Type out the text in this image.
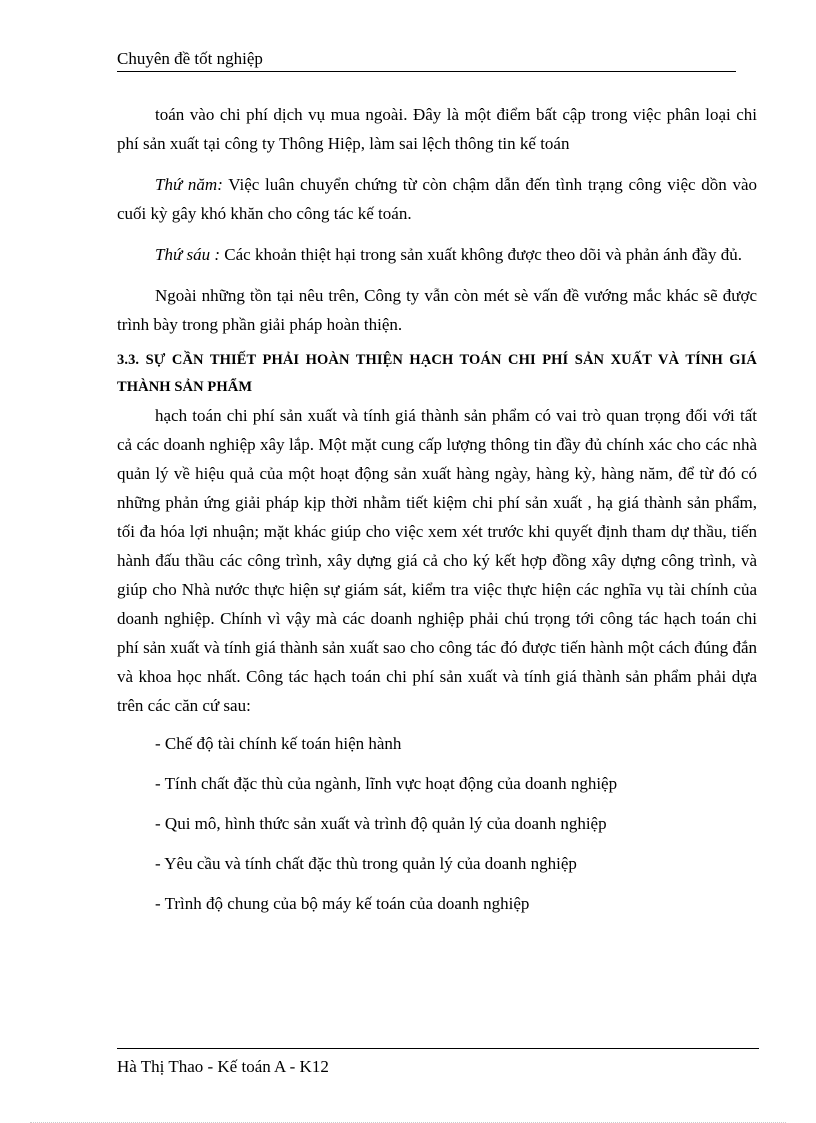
Chuyên đề tốt nghiệp

toán vào chi phí dịch vụ mua ngoài. Đây là một điểm bất cập trong việc phân loại chi phí sản xuất tại công ty Thông Hiệp, làm sai lệch thông tin kế toán

Thứ năm: Việc luân chuyển chứng từ còn chậm dẫn đến tình trạng công việc dồn vào cuối kỳ gây khó khăn cho công tác kế toán.

Thứ sáu : Các khoản thiệt hại trong sản xuất không được theo dõi và phản ánh đầy đủ.

Ngoài những tồn tại nêu trên, Công ty vẫn còn mét sè vấn đề vướng mắc khác sẽ được trình bày trong phần giải pháp hoàn thiện.

3.3. SỰ CẦN THIẾT PHẢI HOÀN THIỆN HẠCH TOÁN CHI PHÍ SẢN XUẤT VÀ TÍNH GIÁ THÀNH SẢN PHẨM

hạch toán chi phí sản xuất và tính giá thành sản phẩm có vai trò quan trọng đối với tất cả các doanh nghiệp xây lắp. Một mặt cung cấp lượng thông tin đầy đủ chính xác cho các nhà quản lý về hiệu quả của một hoạt động sản xuất hàng ngày, hàng kỳ, hàng năm, để từ đó có những phản ứng giải pháp kịp thời nhằm tiết kiệm chi phí sản xuất , hạ giá thành sản phẩm, tối đa hóa lợi nhuận; mặt khác giúp cho việc xem xét trước khi quyết định tham dự thầu, tiến hành đấu thầu các công trình, xây dựng giá cả cho ký kết hợp đồng xây dựng công trình, và giúp cho Nhà nước thực hiện sự giám sát, kiểm tra việc thực hiện các nghĩa vụ tài chính của doanh nghiệp. Chính vì vậy mà các doanh nghiệp phải chú trọng tới công tác hạch toán chi phí sản xuất và tính giá thành sản xuất sao cho công tác đó được tiến hành một cách đúng đắn và khoa học nhất. Công tác hạch toán chi phí sản xuất và tính giá thành sản phẩm phải dựa trên các căn cứ sau:

- Chế độ tài chính kế toán hiện hành
- Tính chất đặc thù của ngành, lĩnh vực hoạt động của doanh nghiệp
- Qui mô, hình thức sản xuất và trình độ quản lý của doanh nghiệp
- Yêu cầu và tính chất đặc thù trong quản lý của doanh nghiệp
- Trình độ chung của bộ máy kế toán của doanh nghiệp
Hà Thị Thao - Kế toán A - K12
